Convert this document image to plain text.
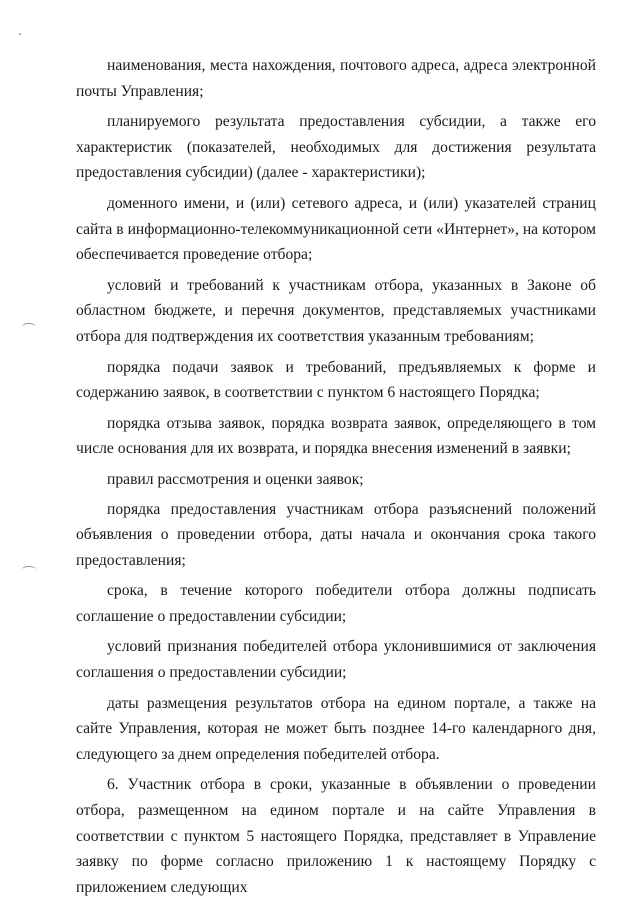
наименования, места нахождения, почтового адреса, адреса электронной почты Управления;

планируемого результата предоставления субсидии, а также его характеристик (показателей, необходимых для достижения результата предоставления субсидии) (далее - характеристики);

доменного имени, и (или) сетевого адреса, и (или) указателей страниц сайта в информационно-телекоммуникационной сети «Интернет», на котором обеспечивается проведение отбора;

условий и требований к участникам отбора, указанных в Законе об областном бюджете, и перечня документов, представляемых участниками отбора для подтверждения их соответствия указанным требованиям;

порядка подачи заявок и требований, предъявляемых к форме и содержанию заявок, в соответствии с пунктом 6 настоящего Порядка;

порядка отзыва заявок, порядка возврата заявок, определяющего в том числе основания для их возврата, и порядка внесения изменений в заявки;

правил рассмотрения и оценки заявок;

порядка предоставления участникам отбора разъяснений положений объявления о проведении отбора, даты начала и окончания срока такого предоставления;

срока, в течение которого победители отбора должны подписать соглашение о предоставлении субсидии;

условий признания победителей отбора уклонившимися от заключения соглашения о предоставлении субсидии;

даты размещения результатов отбора на едином портале, а также на сайте Управления, которая не может быть позднее 14-го календарного дня, следующего за днем определения победителей отбора.

6. Участник отбора в сроки, указанные в объявлении о проведении отбора, размещенном на едином портале и на сайте Управления в соответствии с пунктом 5 настоящего Порядка, представляет в Управление заявку по форме согласно приложению 1 к настоящему Порядку с приложением следующих
